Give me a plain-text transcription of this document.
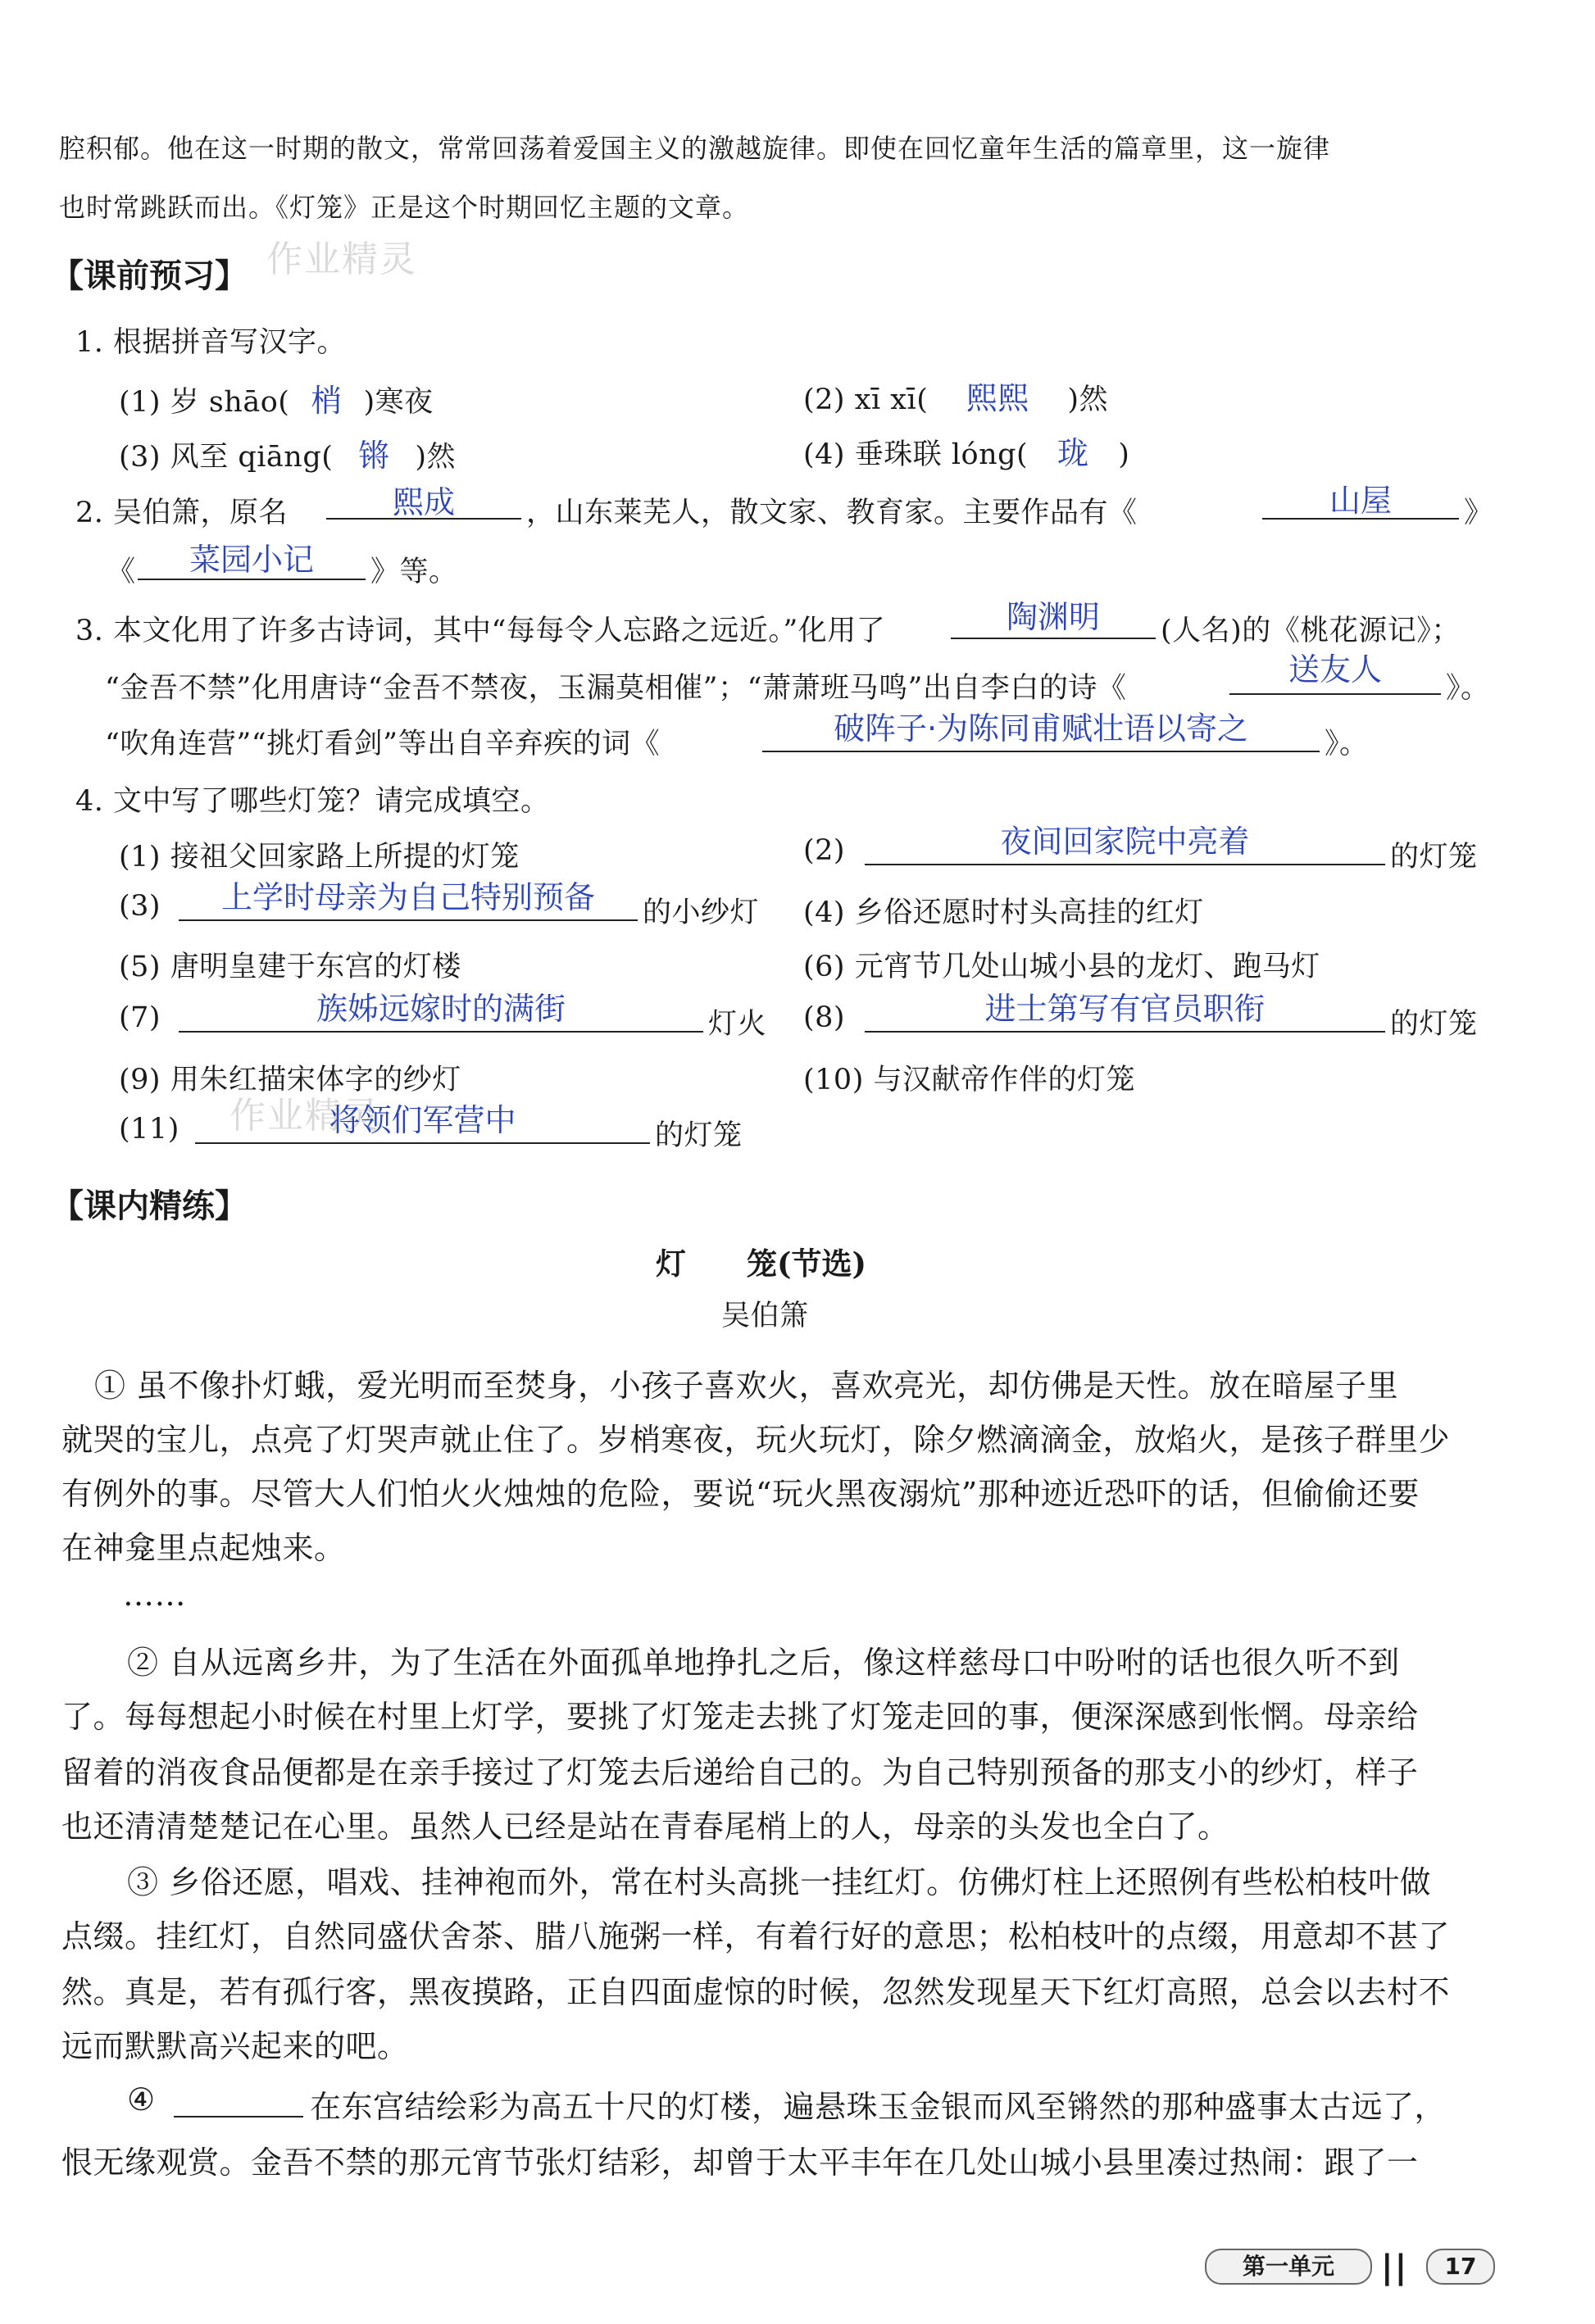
腔积郁。他在这一时期的散文，常常回荡着爱国主义的激越旋律。即使在回忆童年生活的篇章里，这一旋律
也时常跳跃而出。《灯笼》正是这个时期回忆主题的文章。
作业精灵
作业精灵
【课前预习】
1. 根据拼音写汉字。
(1) 岁 shāo( 梢 )寒夜	(2) xī xī( 熙熙 )然
(3) 风至 qiāng( 锵 )然	(4) 垂珠联 lóng( 珑 )
2. 吴伯箫，原名	熙成	，山东莱芜人，散文家、教育家。主要作品有《	山屋	》
《	菜园小记	》等。
3. 本文化用了许多古诗词，其中“每每令人忘路之远近。”化用了	陶渊明	(人名)的《桃花源记》；
“金吾不禁”化用唐诗“金吾不禁夜，玉漏莫相催”；“萧萧班马鸣”出自李白的诗《
送友人
》。
“吹角连营”“挑灯看剑”等出自辛弃疾的词《	破阵子·为陈同甫赋壮语以寄之	》。
4. 文中写了哪些灯笼？请完成填空。
(1) 接祖父回家路上所提的灯笼	(2)	夜间回家院中亮着	的灯笼
(3)	上学时母亲为自己特别预备	的小纱灯 (4) 乡俗还愿时村头高挂的红灯
(5) 唐明皇建于东宫的灯楼	(6) 元宵节几处山城小县的龙灯、跑马灯
(7)	族姊远嫁时的满街	灯火 (8)	进士第写有官员职衔	的灯笼
(9) 用朱红描宋体字的纱灯	(10) 与汉献帝作伴的灯笼
(11)	将领们军营中	的灯笼
【课内精练】
灯　　笼(节选)
吴伯箫
① 虽不像扑灯蛾，爱光明而至焚身，小孩子喜欢火，喜欢亮光，却仿佛是天性。放在暗屋子里
就哭的宝儿，点亮了灯哭声就止住了。岁梢寒夜，玩火玩灯，除夕燃滴滴金，放焰火，是孩子群里少
有例外的事。尽管大人们怕火火烛烛的危险，要说“玩火黑夜溺炕”那种迹近恐吓的话，但偷偷还要
在神龛里点起烛来。
……
② 自从远离乡井，为了生活在外面孤单地挣扎之后，像这样慈母口中吩咐的话也很久听不到
了。每每想起小时候在村里上灯学，要挑了灯笼走去挑了灯笼走回的事，便深深感到怅惘。母亲给
留着的消夜食品便都是在亲手接过了灯笼去后递给自己的。为自己特别预备的那支小的纱灯，样子
也还清清楚楚记在心里。虽然人已经是站在青春尾梢上的人，母亲的头发也全白了。
③ 乡俗还愿，唱戏、挂神袍而外，常在村头高挑一挂红灯。仿佛灯柱上还照例有些松柏枝叶做
点缀。挂红灯，自然同盛伏舍茶、腊八施粥一样，有着行好的意思；松柏枝叶的点缀，用意却不甚了
然。真是，若有孤行客，黑夜摸路，正自四面虚惊的时候，忽然发现星天下红灯高照，总会以去村不
远而默默高兴起来的吧。
④	在东宫结绘彩为高五十尺的灯楼，遍悬珠玉金银而风至锵然的那种盛事太古远了，
恨无缘观赏。金吾不禁的那元宵节张灯结彩，却曾于太平丰年在几处山城小县里凑过热闹：跟了一
第一单元	||	17
